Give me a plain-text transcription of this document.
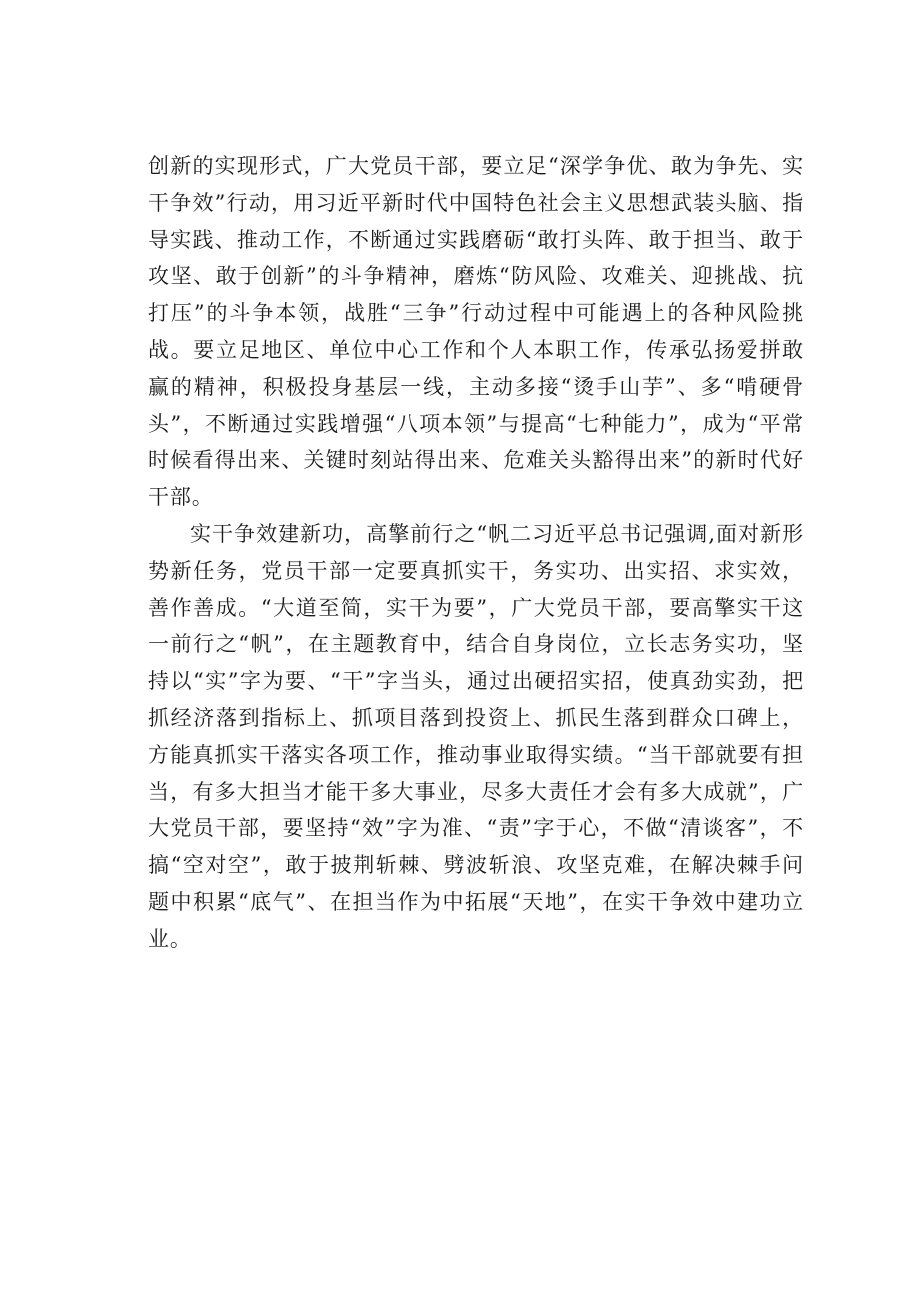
创新的实现形式，广大党员干部，要立足“深学争优、敢为争先、实干争效”行动，用习近平新时代中国特色社会主义思想武装头脑、指导实践、推动工作，不断通过实践磨砺“敢打头阵、敢于担当、敢于攻坚、敢于创新”的斗争精神，磨炼“防风险、攻难关、迎挑战、抗打压”的斗争本领，战胜“三争”行动过程中可能遇上的各种风险挑战。要立足地区、单位中心工作和个人本职工作，传承弘扬爱拼敢赢的精神，积极投身基层一线，主动多接“烫手山芋”、多“啃硬骨头”，不断通过实践增强“八项本领”与提高“七种能力”，成为“平常时候看得出来、关键时刻站得出来、危难关头豁得出来”的新时代好干部。

实干争效建新功，高擎前行之“帆二习近平总书记强调,面对新形势新任务，党员干部一定要真抓实干，务实功、出实招、求实效，善作善成。“大道至简，实干为要”，广大党员干部，要高擎实干这一前行之“帆”，在主题教育中，结合自身岗位，立长志务实功，坚持以“实”字为要、“干”字当头，通过出硬招实招，使真劲实劲，把抓经济落到指标上、抓项目落到投资上、抓民生落到群众口碑上，方能真抓实干落实各项工作，推动事业取得实绩。“当干部就要有担当，有多大担当才能干多大事业，尽多大责任才会有多大成就”，广大党员干部，要坚持“效”字为准、“责”字于心，不做“清谈客”，不搞“空对空”，敢于披荆斩棘、劈波斩浪、攻坚克难，在解决棘手问题中积累“底气”、在担当作为中拓展“天地”，在实干争效中建功立业。
